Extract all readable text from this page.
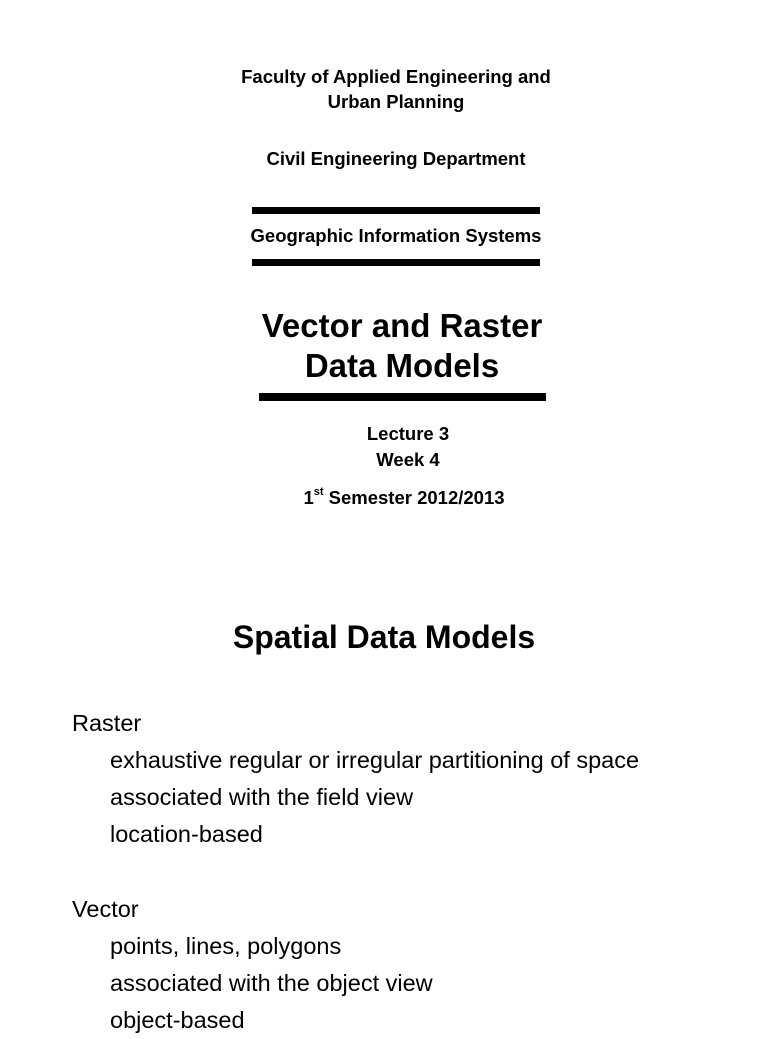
Faculty of Applied Engineering and
Urban Planning
Civil Engineering Department
Geographic Information Systems
Vector and Raster
Data Models
Lecture 3
Week 4
1st Semester 2012/2013
Spatial Data Models
Raster
exhaustive regular or irregular partitioning of space
associated with the field view
location-based
Vector
points, lines, polygons
associated with the object view
object-based
